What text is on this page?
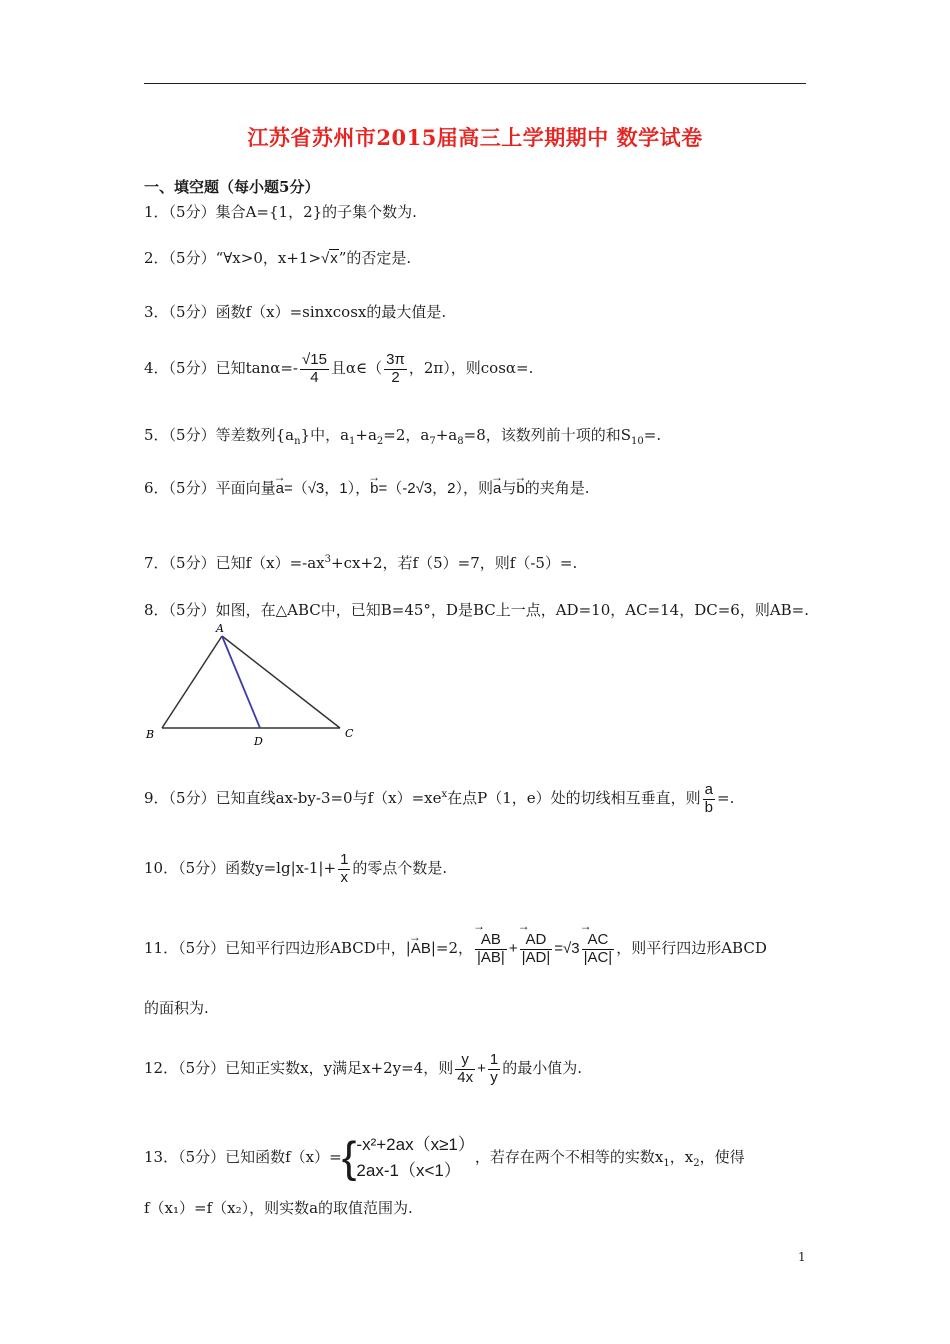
江苏省苏州市2015届高三上学期期中 数学试卷
一、填空题（每小题5分）
1．（5分）集合A={1，2}的子集个数为.
2．（5分）“∀x>0，x+1>√x”的否定是.
3．（5分）函数f（x）=sinxcosx的最大值是.
4．（5分）已知$\tan\alpha=- \frac{√15}{4}$ 且α∈（ $\frac{3\pi}{2}$ ，2π），则cosα=.
5．（5分）等差数列$\{a_n\}$中，$a_1+a_2=2$，$a_7+a_8=8$，该数列前十项的和$S_{10}=$.
6．（5分）平面向量→ a=（√3，1），→ b=（-2√3，2），则→ a与→ b的夹角是.
7．（5分）已知$f(x)=-ax^3+cx+2$，若f（5）=7，则f（-5）=.
8．（5分）如图，在△ABC中，已知B=45°，D是BC上一点，AD=10，AC=14，DC=6，则AB=.
A
B	C
D
9．（5分）已知直线ax-by-3=0与$f(x)=xe^x$在点P（1，e）处的切线相互垂直，则 $\frac{a}{b}$ =.
10．（5分）函数$y=\lg|x-1|+ \frac{1}{x}$ 的零点个数是.
11．（5分）已知平行四边形ABCD中，|→ AB|=2，
→ $\frac{AB}{|AB|}$ +
→ $\frac{AD}{|AD|} =√3$
→ $\frac{AC}{|AC|}$ ，则平行四边形ABCD
的面积为.
12．（5分）已知正实数x，y满足x+2y=4，则 $\frac{y}{4x} + \frac{1}{y}$ 的最小值为.
13．（5分）已知函数f（x）={ -x²+2ax（x≥1）
2ax-1（x<1）
，若存在两个不相等的实数$x_1$，$x_2$，使得
f（x₁）=f（x₂），则实数a的取值范围为.
1
